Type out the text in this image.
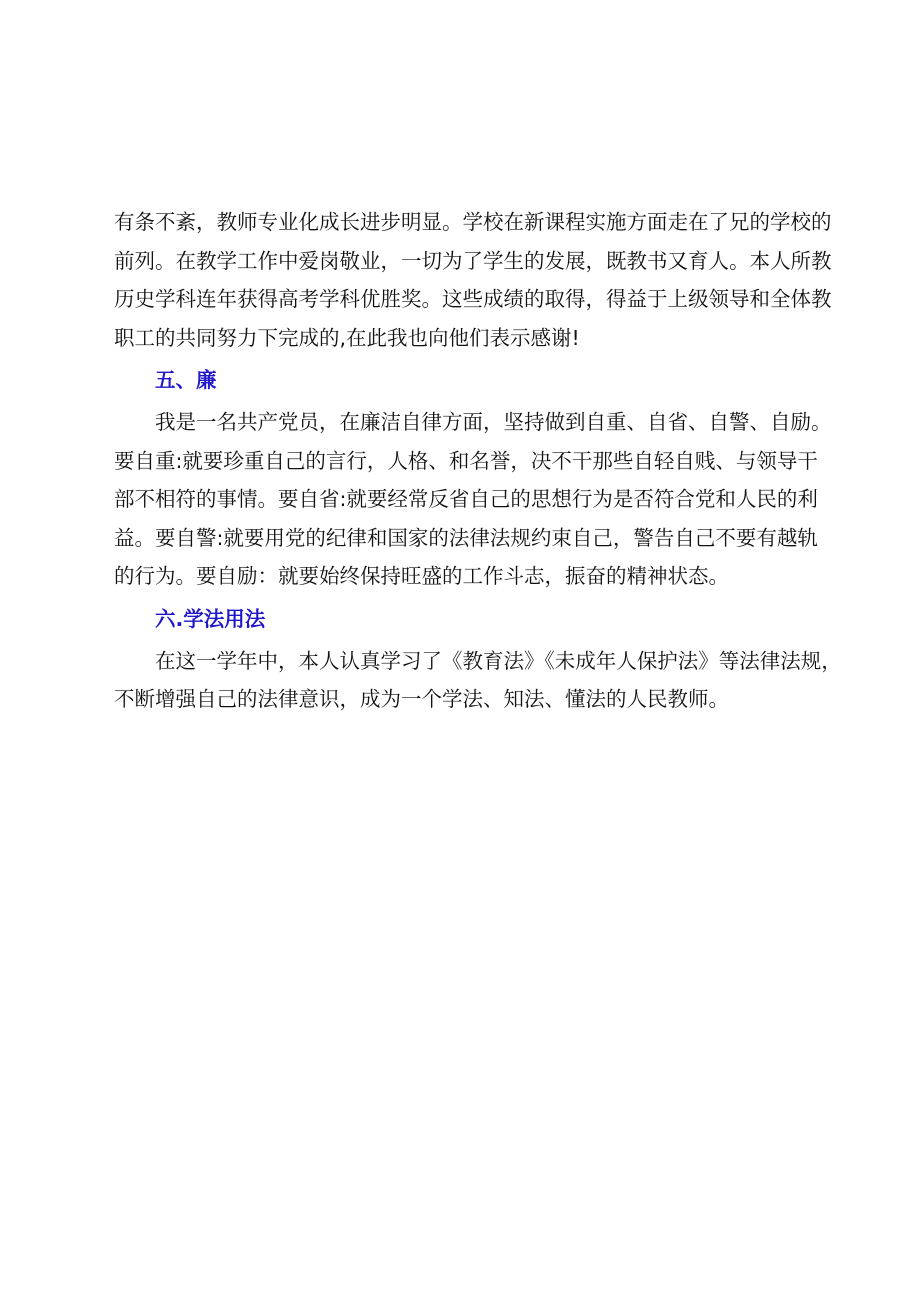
有条不紊，教师专业化成长进步明显。学校在新课程实施方面走在了兄的学校的
前列。在教学工作中爱岗敬业，一切为了学生的发展，既教书又育人。本人所教
历史学科连年获得高考学科优胜奖。这些成绩的取得，得益于上级领导和全体教
职工的共同努力下完成的,在此我也向他们表示感谢!
五、廉
我是一名共产党员，在廉洁自律方面，坚持做到自重、自省、自警、自励。
要自重:就要珍重自己的言行，人格、和名誉，决不干那些自轻自贱、与领导干
部不相符的事情。要自省:就要经常反省自己的思想行为是否符合党和人民的利
益。要自警:就要用党的纪律和国家的法律法规约束自己，警告自己不要有越轨
的行为。要自励：就要始终保持旺盛的工作斗志，振奋的精神状态。
六.学法用法
在这一学年中，本人认真学习了《教育法》《未成年人保护法》等法律法规，
不断增强自己的法律意识，成为一个学法、知法、懂法的人民教师。
